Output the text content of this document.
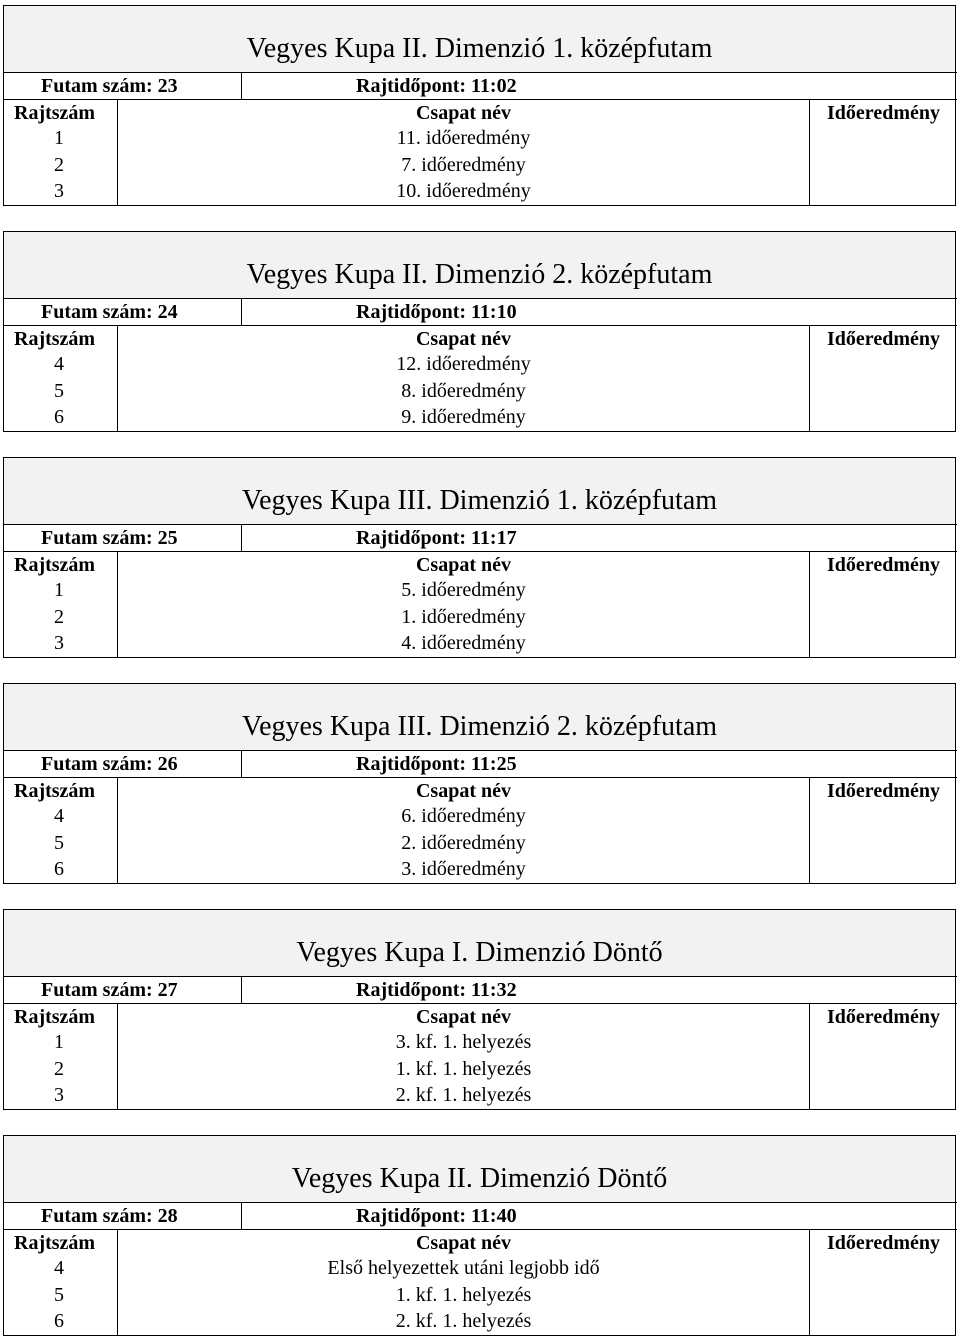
Vegyes Kupa II. Dimenzió 1. középfutam
Futam szám: 23	Rajtidőpont: 11:02
Rajtszám	Csapat név	Időeredmény
1	11. időeredmény
2	7. időeredmény
3	10. időeredmény
Vegyes Kupa II. Dimenzió 2. középfutam
Futam szám: 24	Rajtidőpont: 11:10
Rajtszám	Csapat név	Időeredmény
4	12. időeredmény
5	8. időeredmény
6	9. időeredmény
Vegyes Kupa III. Dimenzió 1. középfutam
Futam szám: 25	Rajtidőpont: 11:17
Rajtszám	Csapat név	Időeredmény
1	5. időeredmény
2	1. időeredmény
3	4. időeredmény
Vegyes Kupa III. Dimenzió 2. középfutam
Futam szám: 26	Rajtidőpont: 11:25
Rajtszám	Csapat név	Időeredmény
4	6. időeredmény
5	2. időeredmény
6	3. időeredmény
Vegyes Kupa I. Dimenzió Döntő
Futam szám: 27	Rajtidőpont: 11:32
Rajtszám	Csapat név	Időeredmény
1	3. kf. 1. helyezés
2	1. kf. 1. helyezés
3	2. kf. 1. helyezés
Vegyes Kupa II. Dimenzió Döntő
Futam szám: 28	Rajtidőpont: 11:40
Rajtszám	Csapat név	Időeredmény
4	Első helyezettek utáni legjobb idő
5	1. kf. 1. helyezés
6	2. kf. 1. helyezés
